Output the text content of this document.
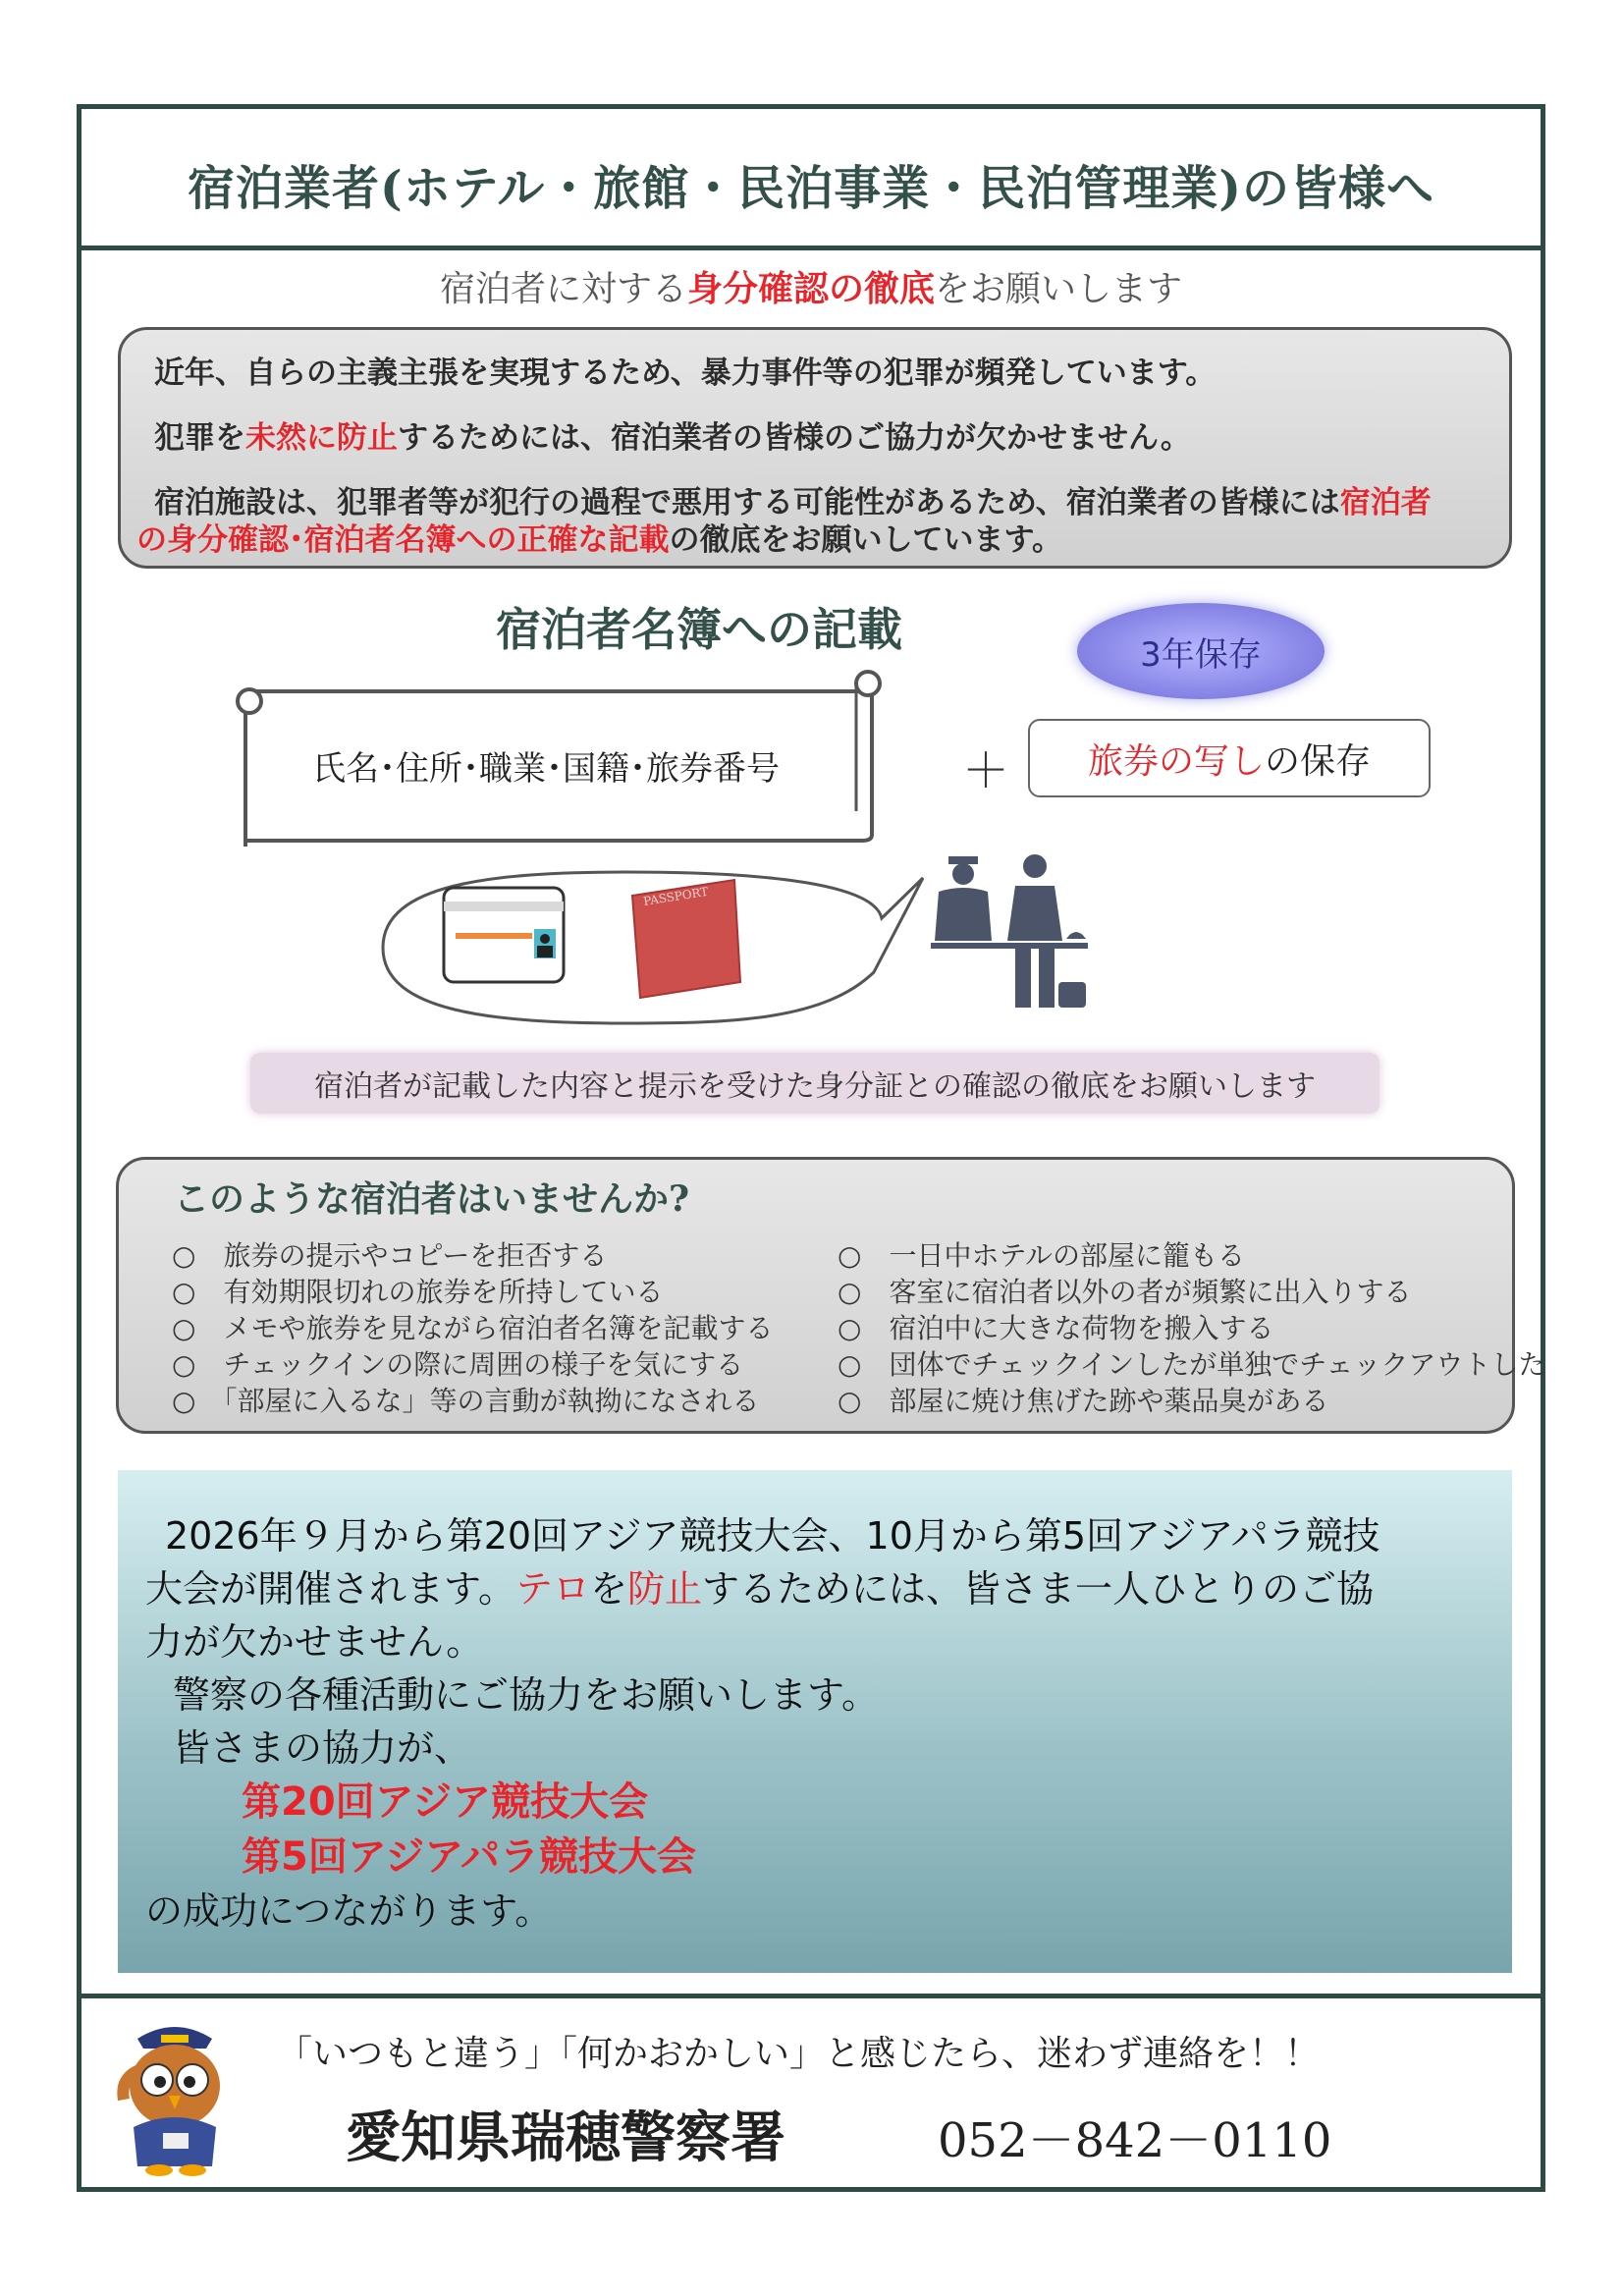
宿泊業者(ホテル・旅館・民泊事業・民泊管理業)の皆様へ
宿泊者に対する身分確認の徹底をお願いします
近年、自らの主義主張を実現するため、暴力事件等の犯罪が頻発しています。
犯罪を未然に防止するためには、宿泊業者の皆様のご協力が欠かせません。
宿泊施設は、犯罪者等が犯行の過程で悪用する可能性があるため、宿泊業者の皆様には宿泊者
の身分確認･宿泊者名簿への正確な記載の徹底をお願いしています。
宿泊者名簿への記載	3年保存
氏名･住所･職業･国籍･旅券番号	＋ 旅券の写し の保存
PASSPORT
宿泊者が記載した内容と提示を受けた身分証との確認の徹底をお願いします
このような宿泊者はいませんか?
○　 旅券の提示やコピーを拒否する
○　 有効期限切れの旅券を所持している
○　 メモや旅券を見ながら宿泊者名簿を記載する
○　 チェックインの際に周囲の様子を気にする
○　 「部屋に入るな」等の言動が執拗になされる
○　 一日中ホテルの部屋に籠もる
○　 客室に宿泊者以外の者が頻繁に出入りする
○　 宿泊中に大きな荷物を搬入する
○　 団体でチェックインしたが単独でチェックアウトした
○　 部屋に焼け焦げた跡や薬品臭がある
2026年９月から第20回アジア競技大会、10月から第5回アジアパラ競技
大会が開催されます。テロを防止するためには、皆さま一人ひとりのご協
力が欠かせません。
警察の各種活動にご協力をお願いします。
皆さまの協力が、
第20回アジア競技大会
第5回アジアパラ競技大会
の成功につながります。
「いつもと違う」「何かおかしい」と感じたら、迷わず連絡を！！
愛知県瑞穂警察署	052－842－0110
